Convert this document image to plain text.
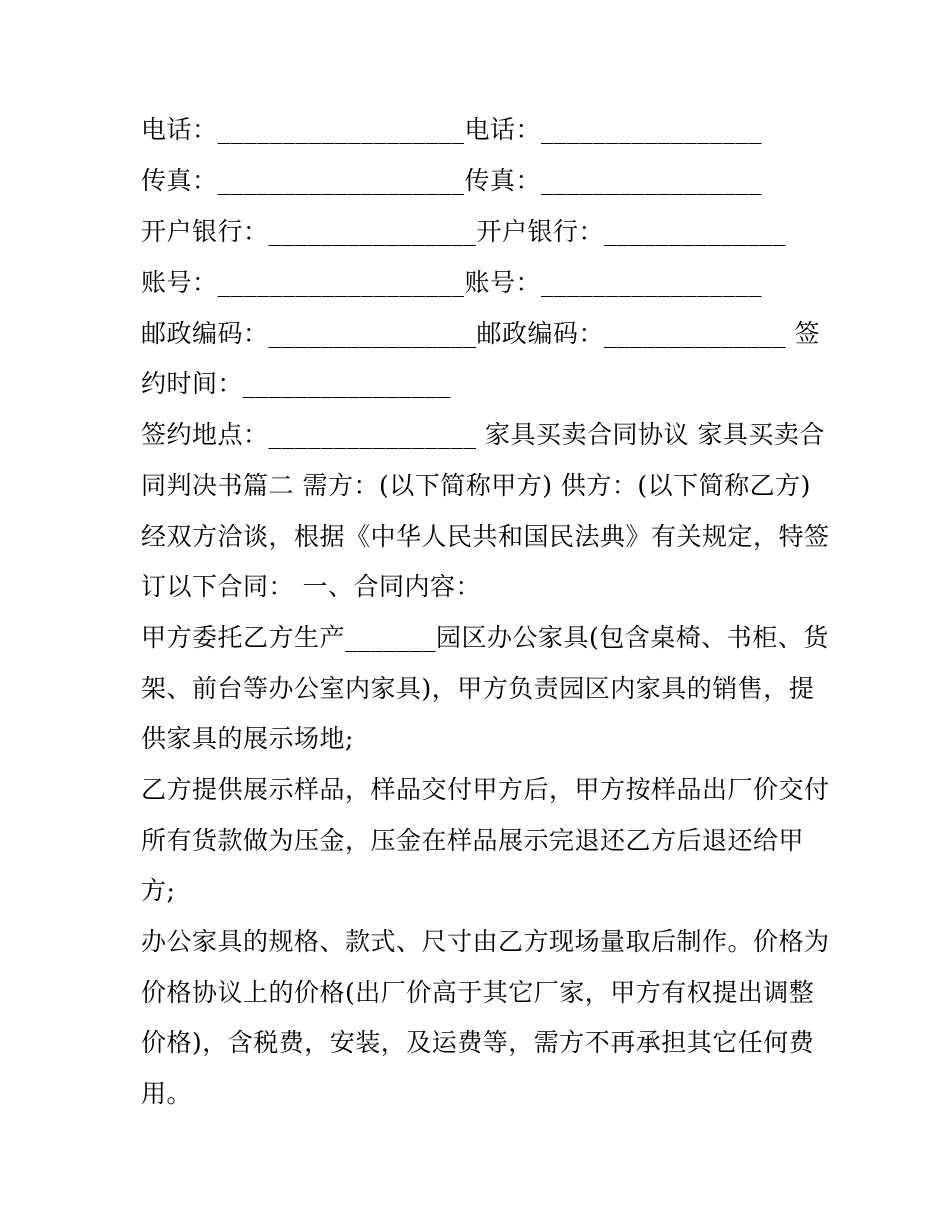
电话：___________________电话：_________________
传真：___________________传真：_________________
开户银行：________________开户银行：______________
账号：___________________账号：_________________
邮政编码：________________邮政编码：______________ 签
约时间：________________
签约地点：________________ 家具买卖合同协议 家具买卖合
同判决书篇二 需方：(以下简称甲方) 供方：(以下简称乙方)
经双方洽谈，根据《中华人民共和国民法典》有关规定，特签
订以下合同： 一、合同内容：
甲方委托乙方生产_______园区办公家具(包含桌椅、书柜、货
架、前台等办公室内家具)，甲方负责园区内家具的销售，提
供家具的展示场地;
乙方提供展示样品，样品交付甲方后，甲方按样品出厂价交付
所有货款做为压金，压金在样品展示完退还乙方后退还给甲
方;
办公家具的规格、款式、尺寸由乙方现场量取后制作。价格为
价格协议上的价格(出厂价高于其它厂家，甲方有权提出调整
价格)，含税费，安装，及运费等，需方不再承担其它任何费
用。
